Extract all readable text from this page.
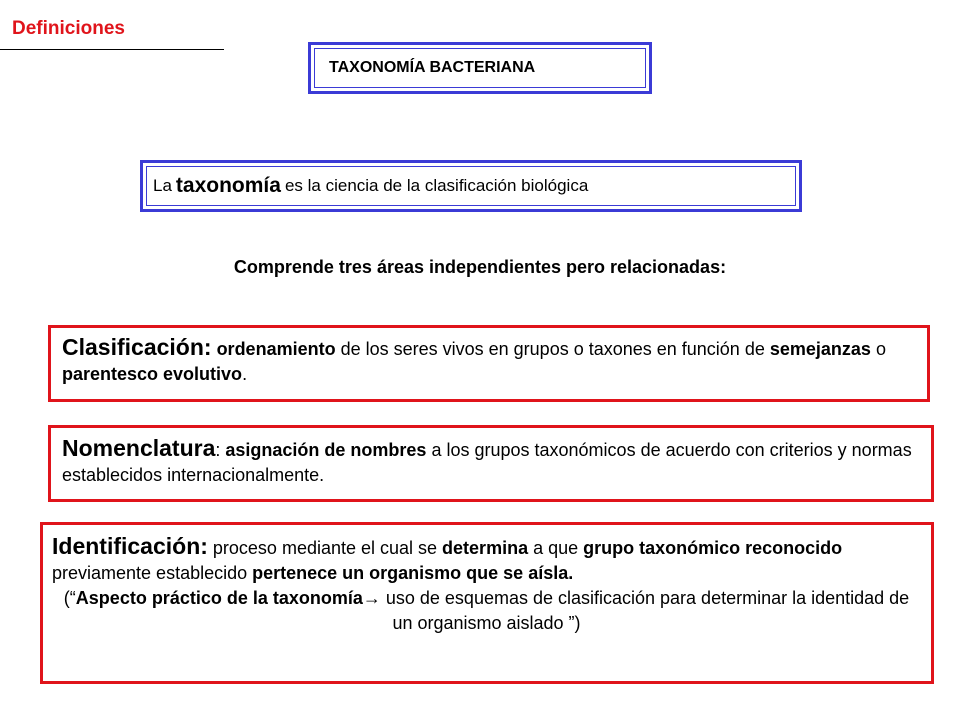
Definiciones
TAXONOMÍA BACTERIANA
La taxonomía es la ciencia de la clasificación biológica
Comprende tres áreas independientes pero relacionadas:
Clasificación: ordenamiento de los seres vivos en grupos o taxones en función de semejanzas o parentesco evolutivo.
Nomenclatura: asignación de nombres a los grupos taxonómicos de acuerdo con criterios y normas establecidos internacionalmente.
Identificación: proceso mediante el cual se determina a que grupo taxonómico reconocido previamente establecido pertenece un organismo que se aísla.
(“Aspecto práctico de la taxonomía→ uso de esquemas de clasificación para determinar la identidad de un organismo aislado ”)
